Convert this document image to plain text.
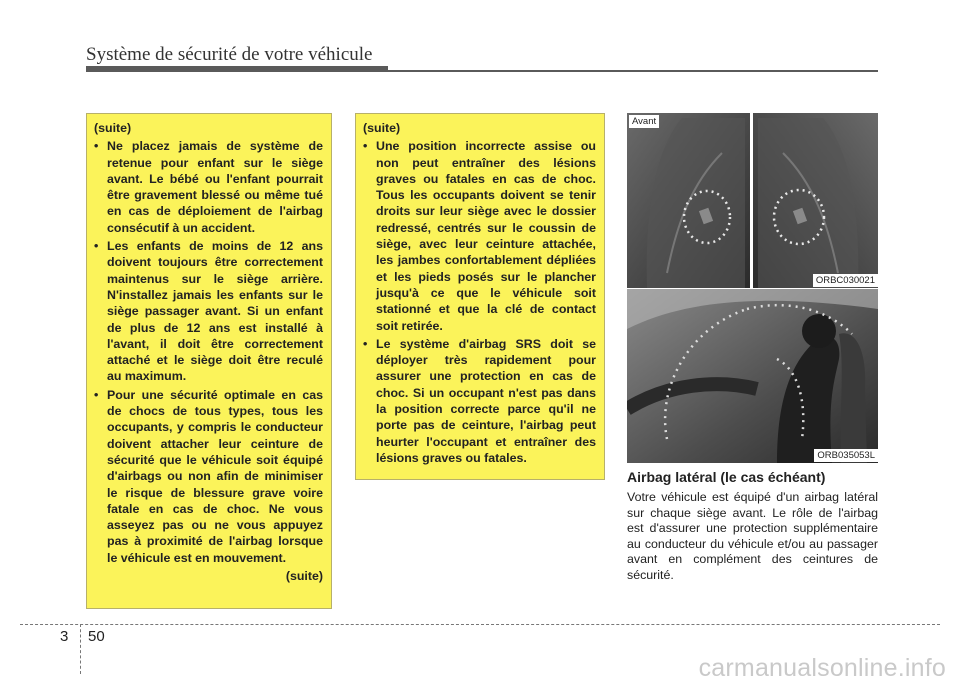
Système de sécurité de votre véhicule
(suite)
• Ne placez jamais de système de retenue pour enfant sur le siège avant. Le bébé ou l'enfant pourrait être gravement blessé ou même tué en cas de déploiement de l'airbag consécutif à un accident.
• Les enfants de moins de 12 ans doivent toujours être correctement maintenus sur le siège arrière. N'installez jamais les enfants sur le siège passager avant. Si un enfant de plus de 12 ans est installé à l'avant, il doit être correctement attaché et le siège doit être reculé au maximum.
• Pour une sécurité optimale en cas de chocs de tous types, tous les occupants, y compris le conducteur doivent attacher leur ceinture de sécurité que le véhicule soit équipé d'airbags ou non afin de minimiser le risque de blessure grave voire fatale en cas de choc. Ne vous asseyez pas ou ne vous appuyez pas à proximité de l'airbag lorsque le véhicule est en mouvement.
(suite)
(suite)
• Une position incorrecte assise ou non peut entraîner des lésions graves ou fatales en cas de choc. Tous les occupants doivent se tenir droits sur leur siège avec le dossier redressé, centrés sur le coussin de siège, avec leur ceinture attachée, les jambes confortablement dépliées et les pieds posés sur le plancher jusqu'à ce que le véhicule soit stationné et que la clé de contact soit retirée.
• Le système d'airbag SRS doit se déployer très rapidement pour assurer une protection en cas de choc. Si un occupant n'est pas dans la position correcte parce qu'il ne porte pas de ceinture, l'airbag peut heurter l'occupant et entraîner des lésions graves ou fatales.
Avant
ORBC030021
ORB035053L
Airbag latéral (le cas échéant)
Votre véhicule est équipé d'un airbag latéral sur chaque siège avant. Le rôle de l'airbag est d'assurer une protection supplémentaire au conducteur du véhicule et/ou au passager avant en complément des ceintures de sécurité.
3 50
carmanualsonline.info
